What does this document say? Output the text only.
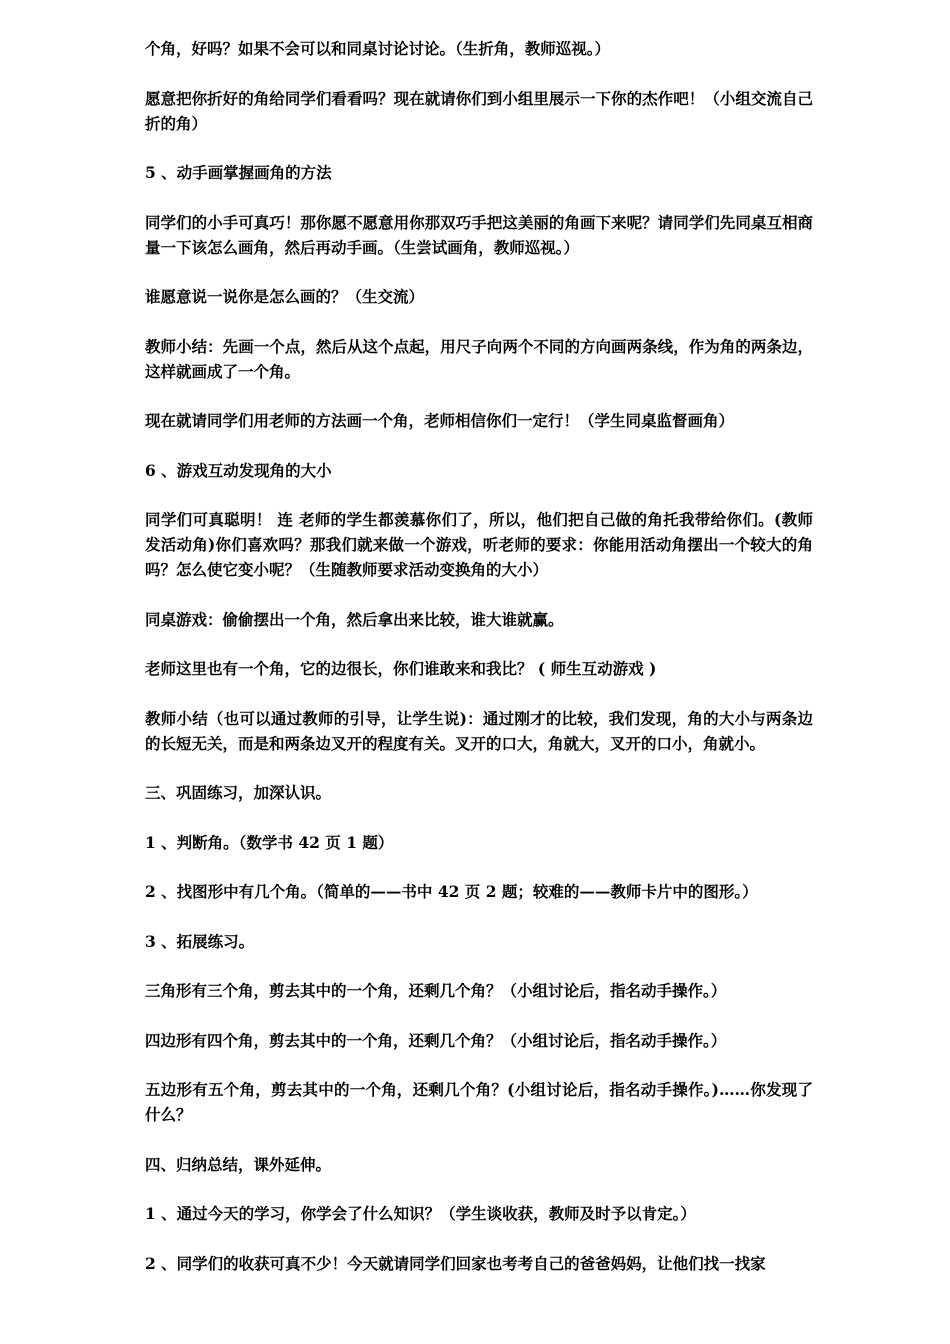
个角，好吗？如果不会可以和同桌讨论讨论。（生折角，教师巡视。）

愿意把你折好的角给同学们看看吗？现在就请你们到小组里展示一下你的杰作吧！（小组交流自己折的角）

5 、动手画掌握画角的方法

同学们的小手可真巧！那你愿不愿意用你那双巧手把这美丽的角画下来呢？请同学们先同桌互相商量一下该怎么画角，然后再动手画。（生尝试画角，教师巡视。）

谁愿意说一说你是怎么画的？（生交流）

教师小结：先画一个点，然后从这个点起，用尺子向两个不同的方向画两条线，作为角的两条边，这样就画成了一个角。

现在就请同学们用老师的方法画一个角，老师相信你们一定行！（学生同桌监督画角）

6 、游戏互动发现角的大小

同学们可真聪明！ 连 老师的学生都羡慕你们了，所以，他们把自己做的角托我带给你们。(教师发活动角)你们喜欢吗？那我们就来做一个游戏，听老师的要求：你能用活动角摆出一个较大的角吗？怎么使它变小呢？（生随教师要求活动变换角的大小）

同桌游戏：偷偷摆出一个角，然后拿出来比较，谁大谁就赢。

老师这里也有一个角，它的边很长，你们谁敢来和我比？ ( 师生互动游戏 )

教师小结（也可以通过教师的引导，让学生说)：通过刚才的比较，我们发现，角的大小与两条边的长短无关，而是和两条边叉开的程度有关。叉开的口大，角就大，叉开的口小，角就小。

三、巩固练习，加深认识。

1 、判断角。（数学书 42 页 1 题）

2 、找图形中有几个角。（简单的——书中 42 页 2 题；较难的——教师卡片中的图形。）

3 、拓展练习。

三角形有三个角，剪去其中的一个角，还剩几个角？（小组讨论后，指名动手操作。）

四边形有四个角，剪去其中的一个角，还剩几个角？（小组讨论后，指名动手操作。）

五边形有五个角，剪去其中的一个角，还剩几个角？(小组讨论后，指名动手操作。)……你发现了什么？

四、归纳总结，课外延伸。

1 、通过今天的学习，你学会了什么知识？（学生谈收获，教师及时予以肯定。）

2 、同学们的收获可真不少！今天就请同学们回家也考考自己的爸爸妈妈，让他们找一找家
